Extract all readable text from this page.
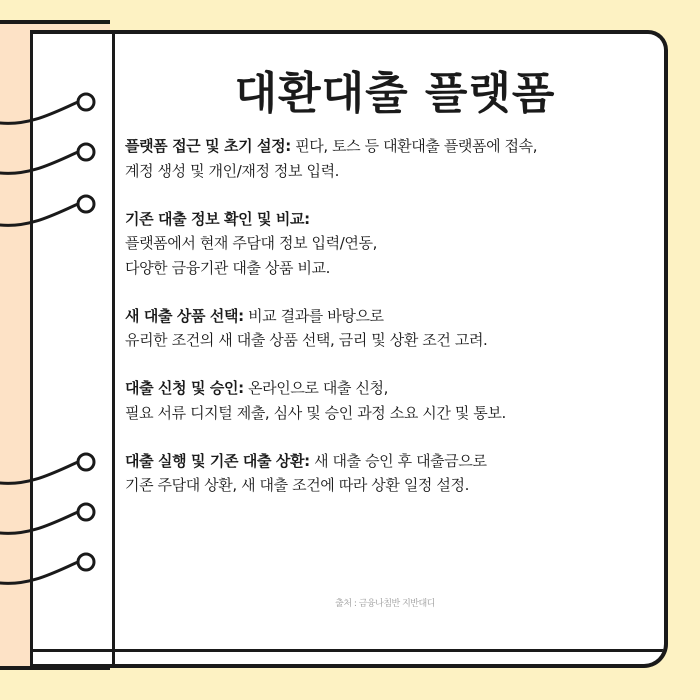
대환대출 플랫폼

플랫폼 접근 및 초기 설정: 핀다, 토스 등 대환대출 플랫폼에 접속,
계정 생성 및 개인/재정 정보 입력.

기존 대출 정보 확인 및 비교:
플랫폼에서 현재 주담대 정보 입력/연동,
다양한 금융기관 대출 상품 비교.

새 대출 상품 선택: 비교 결과를 바탕으로
유리한 조건의 새 대출 상품 선택, 금리 및 상환 조건 고려.

대출 신청 및 승인: 온라인으로 대출 신청,
필요 서류 디지털 제출, 심사 및 승인 과정 소요 시간 및 통보.

대출 실행 및 기존 대출 상환: 새 대출 승인 후 대출금으로
기존 주담대 상환, 새 대출 조건에 따라 상환 일정 설정.

출처 : 금융나침반 지반대디
